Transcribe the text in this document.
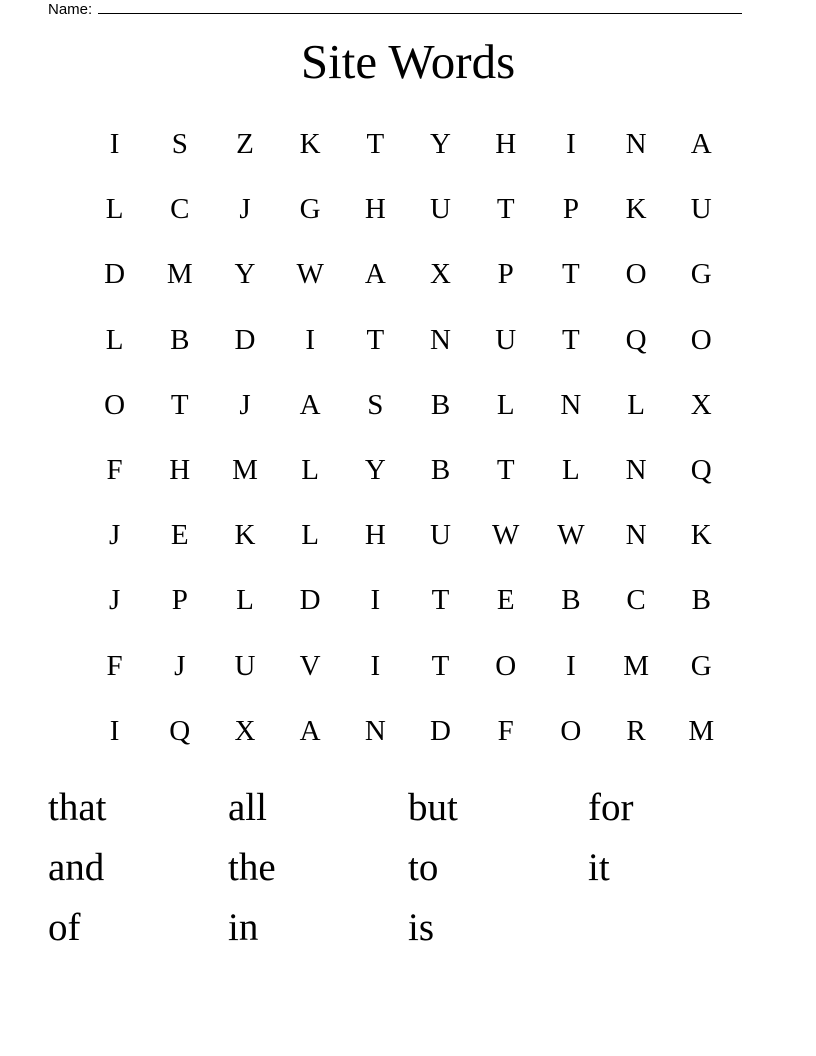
Name:
Site Words
I	S	Z	K	T	Y	H	I	N	A
L	C	J	G	H	U	T	P	K	U
D	M	Y	W	A	X	P	T	O	G
L	B	D	I	T	N	U	T	Q	O
O	T	J	A	S	B	L	N	L	X
F	H	M	L	Y	B	T	L	N	Q
J	E	K	L	H	U	W	W	N	K
J	P	L	D	I	T	E	B	C	B
F	J	U	V	I	T	O	I	M	G
I	Q	X	A	N	D	F	O	R	M
that	all	but	for
and	the	to	it
of	in	is
